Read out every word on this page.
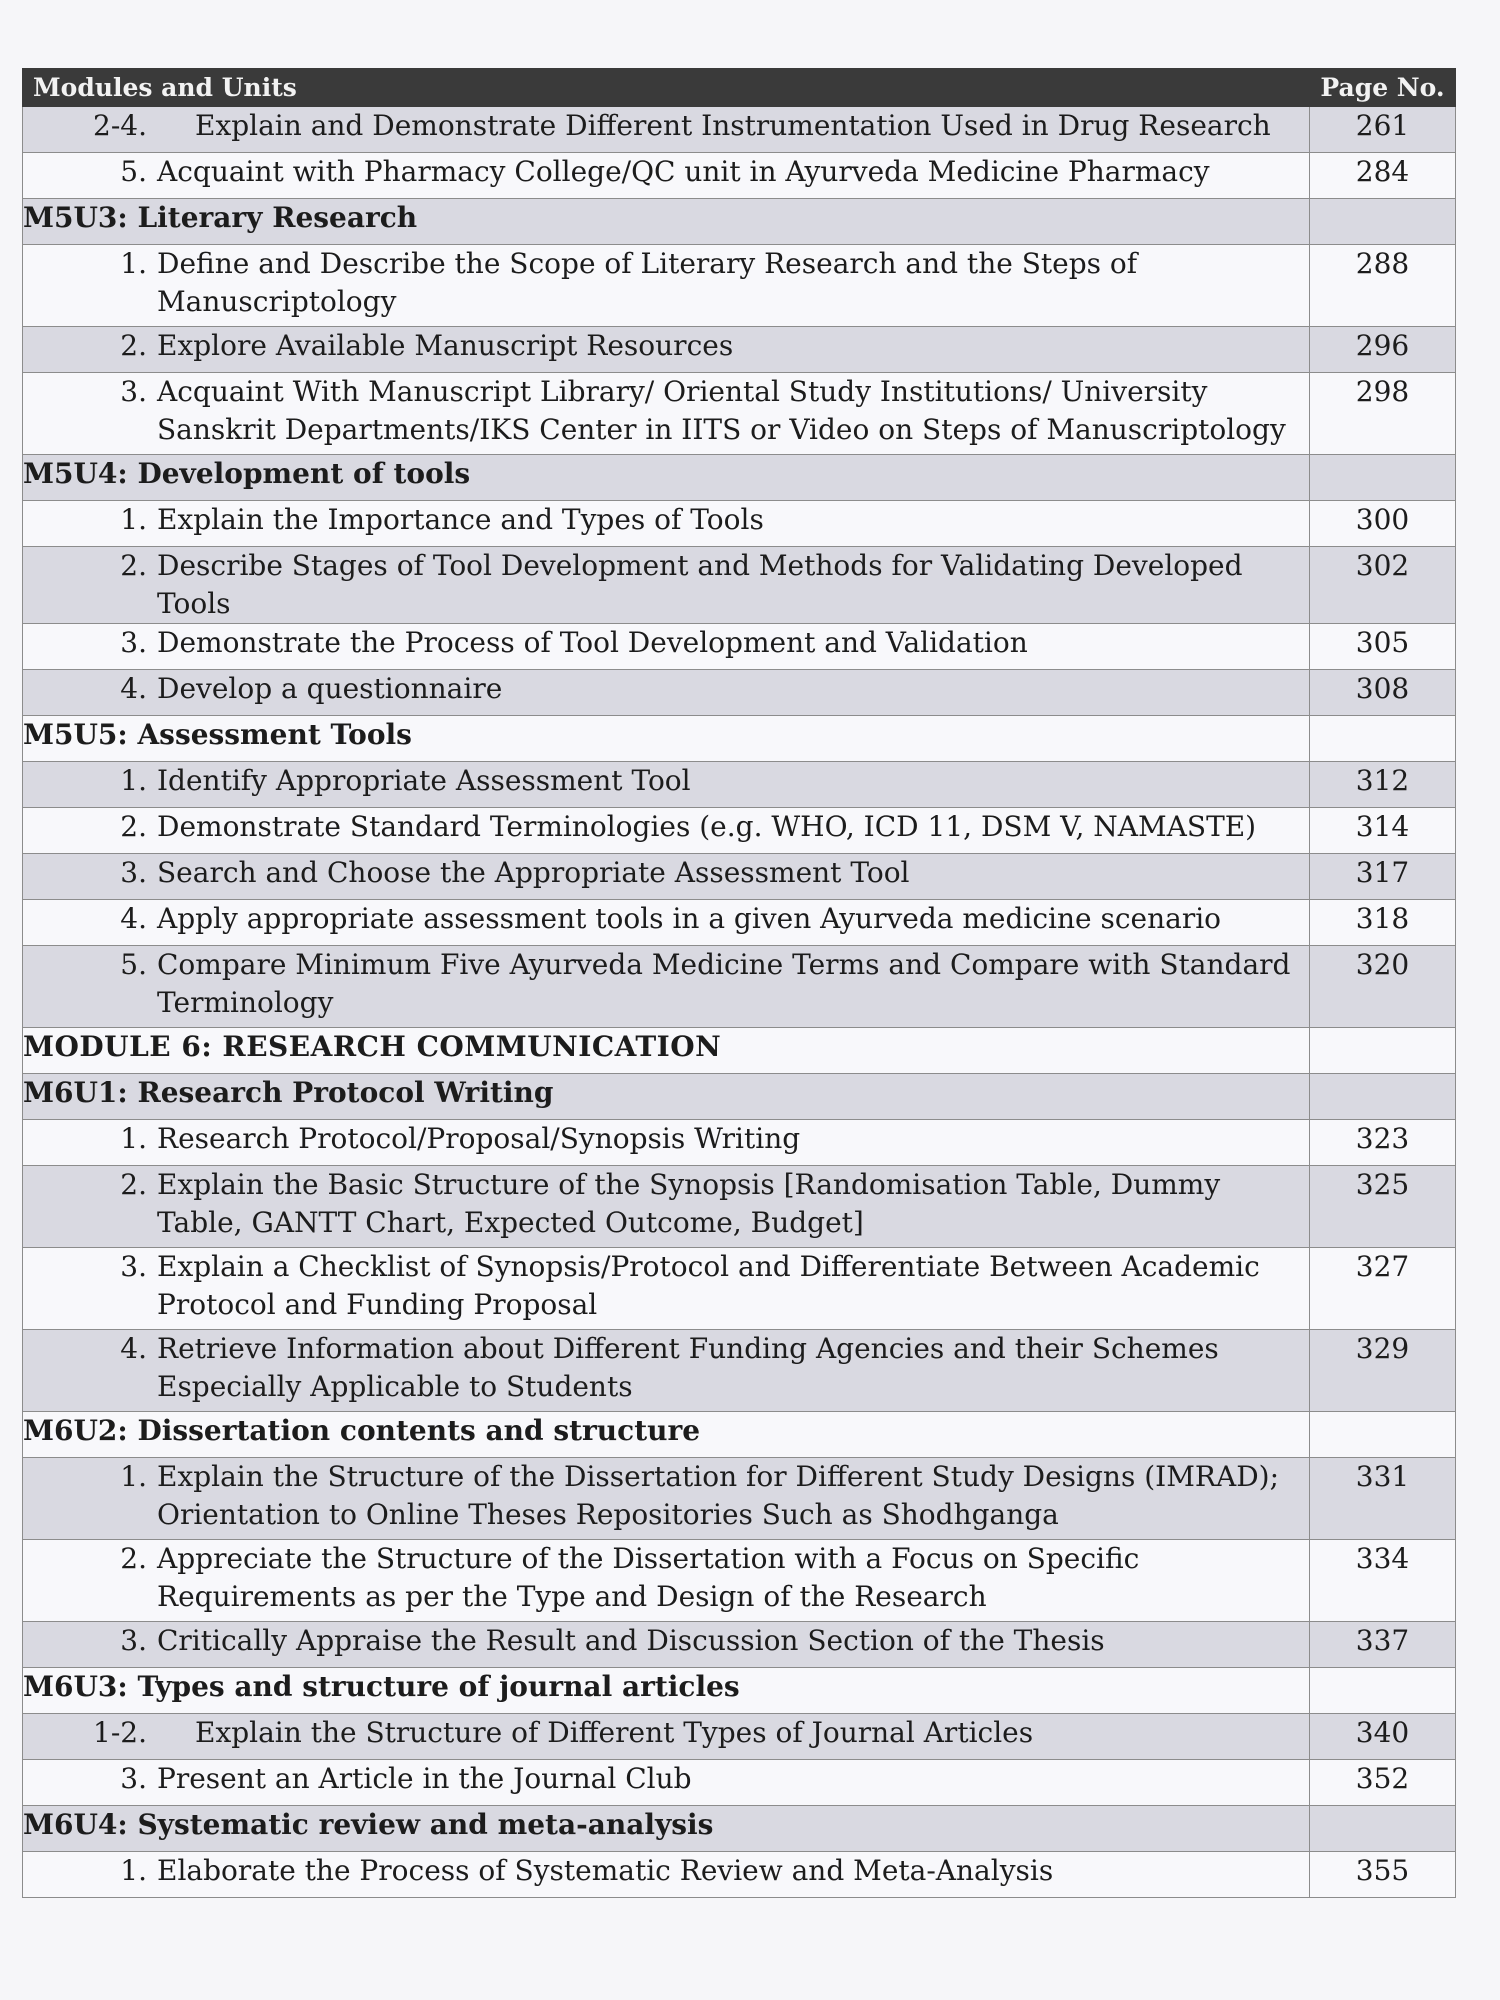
Modules and Units	Page No.

2-4. Explain and Demonstrate Different Instrumentation Used in Drug Research	261

5. Acquaint with Pharmacy College/QC unit in Ayurveda Medicine Pharmacy	284
M5U3: Literary Research	

1. Define and Describe the Scope of Literary Research and the Steps of Manuscriptology	288

2. Explore Available Manuscript Resources	296

3. Acquaint With Manuscript Library/ Oriental Study Institutions/ University Sanskrit Departments/IKS Center in IITS or Video on Steps of Manuscriptology	298
M5U4: Development of tools	

1. Explain the Importance and Types of Tools	300

2. Describe Stages of Tool Development and Methods for Validating Developed Tools	302

3. Demonstrate the Process of Tool Development and Validation	305

4. Develop a questionnaire	308
M5U5: Assessment Tools	

1. Identify Appropriate Assessment Tool	312

2. Demonstrate Standard Terminologies (e.g. WHO, ICD 11, DSM V, NAMASTE)	314

3. Search and Choose the Appropriate Assessment Tool	317

4. Apply appropriate assessment tools in a given Ayurveda medicine scenario	318

5. Compare Minimum Five Ayurveda Medicine Terms and Compare with Standard Terminology	320
MODULE 6: RESEARCH COMMUNICATION	
M6U1: Research Protocol Writing	

1. Research Protocol/Proposal/Synopsis Writing	323

2. Explain the Basic Structure of the Synopsis [Randomisation Table, Dummy Table, GANTT Chart, Expected Outcome, Budget]	325

3. Explain a Checklist of Synopsis/Protocol and Differentiate Between Academic Protocol and Funding Proposal	327

4. Retrieve Information about Different Funding Agencies and their Schemes Especially Applicable to Students	329
M6U2: Dissertation contents and structure	

1. Explain the Structure of the Dissertation for Different Study Designs (IMRAD); Orientation to Online Theses Repositories Such as Shodhganga	331

2. Appreciate the Structure of the Dissertation with a Focus on Specific Requirements as per the Type and Design of the Research	334

3. Critically Appraise the Result and Discussion Section of the Thesis	337
M6U3: Types and structure of journal articles	

1-2. Explain the Structure of Different Types of Journal Articles	340

3. Present an Article in the Journal Club	352
M6U4: Systematic review and meta-analysis	

1. Elaborate the Process of Systematic Review and Meta-Analysis	355
